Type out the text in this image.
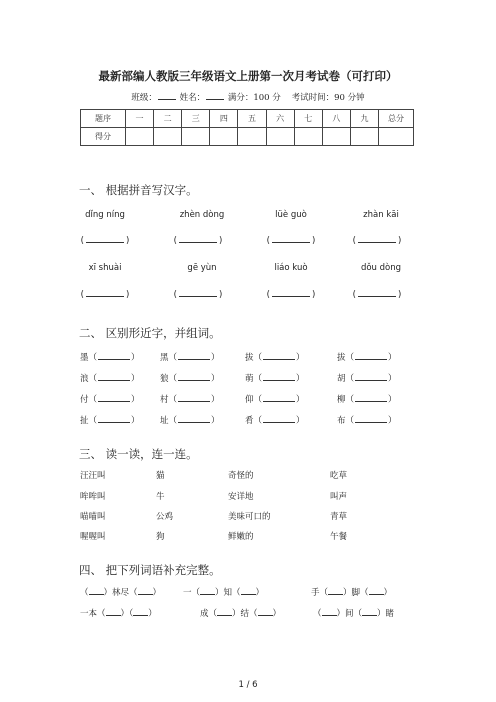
最新部编人教版三年级语文上册第一次月考试卷（可打印）
班级：	姓名：	满分：100 分 考试时间：90 分钟
题序	一	二	三	四	五	六	七	八	九	总分
得分										
一、 根据拼音写汉字。
dǐng níng	zhèn dòng	lüè guò	zhàn kāi
(	)	(	)	(	)	(	)
xī shuài	gē yùn	liáo kuò	dǒu dòng
(	)	(	)	(	)	(	)
二、 区别形近字，并组词。
墨（	） 黑（	）	拔（	）	拔（	）
浪（	） 狼（	）	萌（	）	胡（	）
付（	） 村（	）	仰（	）	柳（	）
扯（	） 址（	）	肴（	）	布（	）
三、 读一读，连一连。
汪汪叫	猫	奇怪的	吃草
哞哞叫	牛	安详地	叫声
喵喵叫	公鸡	美味可口的	青草
喔喔叫	狗	鲜嫩的	午餐
四、 把下列词语补充完整。
（ ）林尽（ ）	一（ ）知（ ）	手（ ）脚（ ）
一本（ ）（ ）	成（ ）结（ ）	（ ）间（ ）睹
1 / 6
